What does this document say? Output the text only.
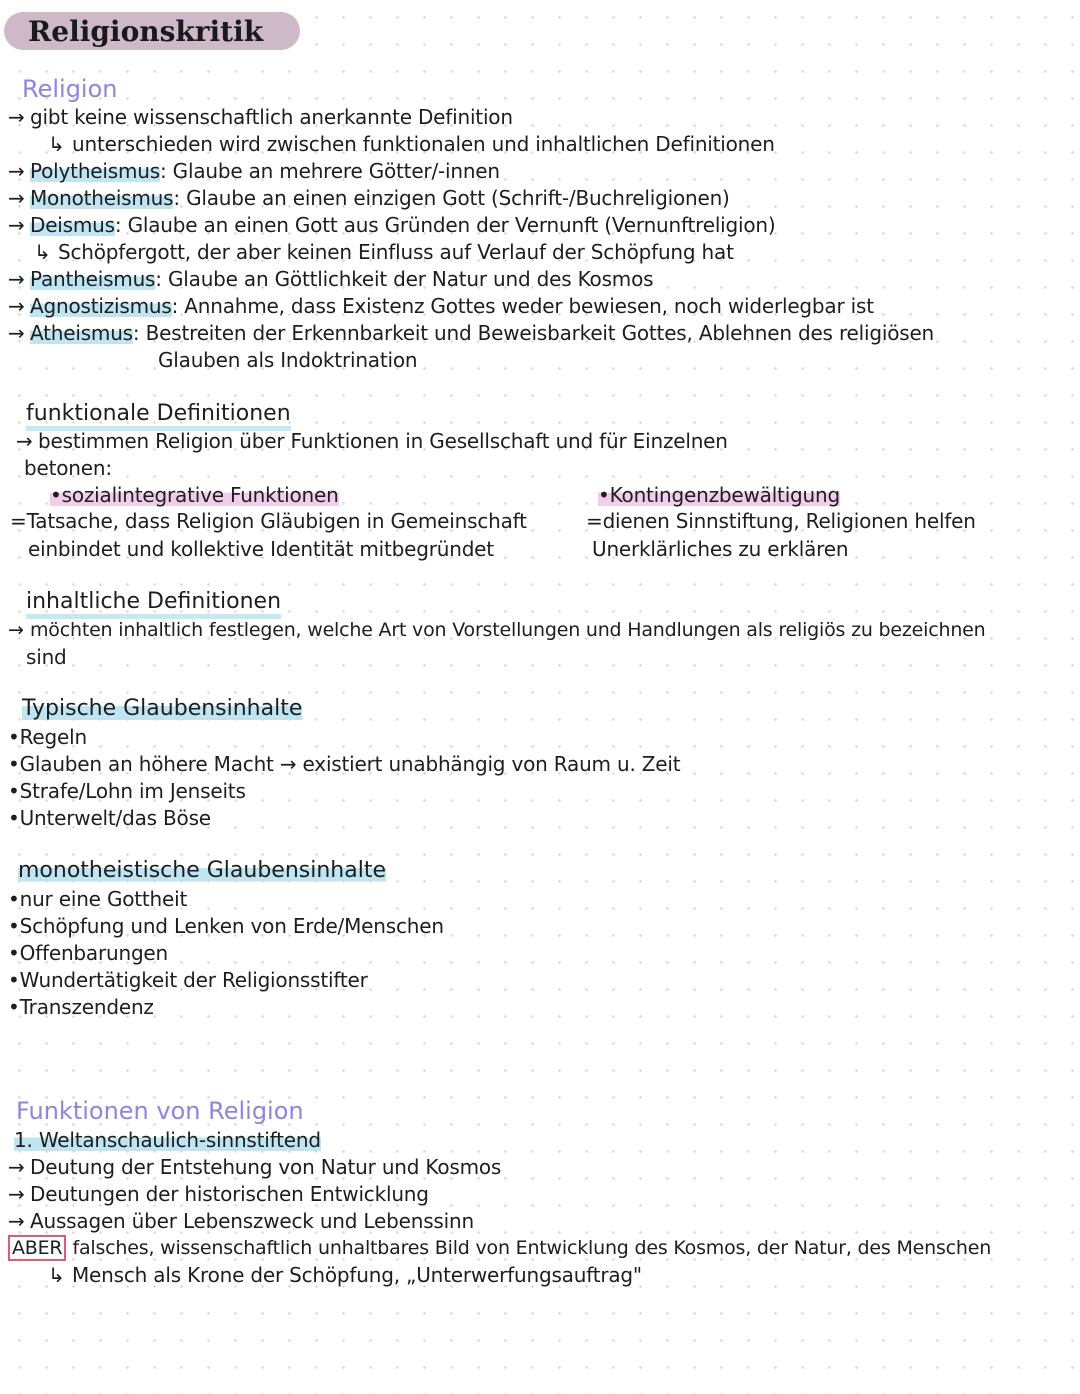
Religionskritik
Religion
→ gibt keine wissenschaftlich anerkannte Definition
↳ unterschieden wird zwischen funktionalen und inhaltlichen Definitionen
→ Polytheismus: Glaube an mehrere Götter/-innen
→ Monotheismus: Glaube an einen einzigen Gott (Schrift-/Buchreligionen)
→ Deismus: Glaube an einen Gott aus Gründen der Vernunft (Vernunftreligion)
↳ Schöpfergott, der aber keinen Einfluss auf Verlauf der Schöpfung hat
→ Pantheismus: Glaube an Göttlichkeit der Natur und des Kosmos
→ Agnostizismus: Annahme, dass Existenz Gottes weder bewiesen, noch widerlegbar ist
→ Atheismus: Bestreiten der Erkennbarkeit und Beweisbarkeit Gottes, Ablehnen des religiösen
Glauben als Indoktrination
funktionale Definitionen
→ bestimmen Religion über Funktionen in Gesellschaft und für Einzelnen
betonen:
•sozialintegrative Funktionen
=Tatsache, dass Religion Gläubigen in Gemeinschaft
einbindet und kollektive Identität mitbegründet
•Kontingenzbewältigung
=dienen Sinnstiftung, Religionen helfen
Unerklärliches zu erklären
inhaltliche Definitionen
→ möchten inhaltlich festlegen, welche Art von Vorstellungen und Handlungen als religiös zu bezeichnen
sind
Typische Glaubensinhalte
•Regeln
•Glauben an höhere Macht → existiert unabhängig von Raum u. Zeit
•Strafe/Lohn im Jenseits
•Unterwelt/das Böse
monotheistische Glaubensinhalte
•nur eine Gottheit
•Schöpfung und Lenken von Erde/Menschen
•Offenbarungen
•Wundertätigkeit der Religionsstifter
•Transzendenz
Funktionen von Religion
1. Weltanschaulich-sinnstiftend
→ Deutung der Entstehung von Natur und Kosmos
→ Deutungen der historischen Entwicklung
→ Aussagen über Lebenszweck und Lebenssinn
ABER falsches, wissenschaftlich unhaltbares Bild von Entwicklung des Kosmos, der Natur, des Menschen
↳ Mensch als Krone der Schöpfung, „Unterwerfungsauftrag"
